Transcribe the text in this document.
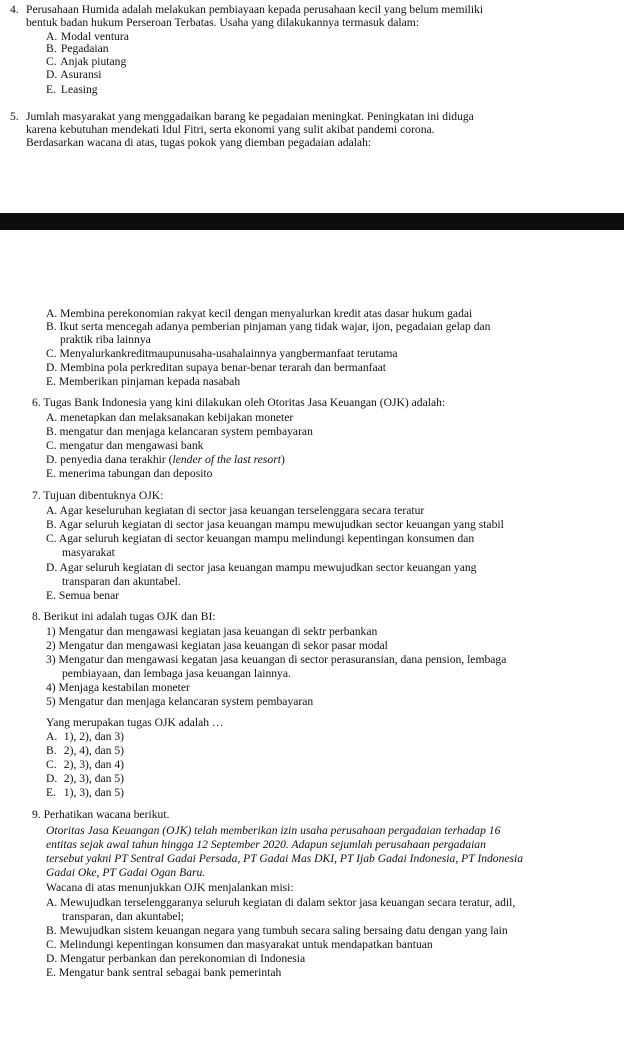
4. Perusahaan Humida adalah melakukan pembiayaan kepada perusahaan kecil yang belum memiliki
bentuk badan hukum Perseroan Terbatas. Usaha yang dilakukannya termasuk dalam:
A. Modal ventura
B. Pegadaian
C. Anjak piutang
D. Asuransi
E. Leasing
5. Jumlah masyarakat yang menggadaikan barang ke pegadaian meningkat. Peningkatan ini diduga
karena kebutuhan mendekati Idul Fitri, serta ekonomi yang sulit akibat pandemi corona.
Berdasarkan wacana di atas, tugas pokok yang diemban pegadaian adalah:
A. Membina perekonomian rakyat kecil dengan menyalurkan kredit atas dasar hukum gadai
B. Ikut serta mencegah adanya pemberian pinjaman yang tidak wajar, ijon, pegadaian gelap dan
praktik riba lainnya
C. Menyalurkankreditmaupunusaha-usahalainnya yangbermanfaat terutama
D. Membina pola perkreditan supaya benar-benar terarah dan bermanfaat
E. Memberikan pinjaman kepada nasabah
6. Tugas Bank Indonesia yang kini dilakukan oleh Otoritas Jasa Keuangan (OJK) adalah:
A. menetapkan dan melaksanakan kebijakan moneter
B. mengatur dan menjaga kelancaran system pembayaran
C. mengatur dan mengawasi bank
D. penyedia dana terakhir (lender of the last resort)
E. menerima tabungan dan deposito
7. Tujuan dibentuknya OJK:
A. Agar keseluruhan kegiatan di sector jasa keuangan terselenggara secara teratur
B. Agar seluruh kegiatan di sector jasa keuangan mampu mewujudkan sector keuangan yang stabil
C. Agar seluruh kegiatan di sector keuangan mampu melindungi kepentingan konsumen dan
masyarakat
D. Agar seluruh kegiatan di sector jasa keuangan mampu mewujudkan sector keuangan yang
transparan dan akuntabel.
E. Semua benar
8. Berikut ini adalah tugas OJK dan BI:
1) Mengatur dan mengawasi kegiatan jasa keuangan di sektr perbankan
2) Mengatur dan mengawasi kegiatan jasa keuangan di sekor pasar modal
3) Mengatur dan mengawasi kegatan jasa keuangan di sector perasuransian, dana pension, lembaga
pembiayaan, dan lembaga jasa keuangan lainnya.
4) Menjaga kestabilan moneter
5) Mengatur dan menjaga kelancaran system pembayaran
Yang merupakan tugas OJK adalah …
A. 1), 2), dan 3)
B. 2), 4), dan 5)
C. 2), 3), dan 4)
D. 2), 3), dan 5)
E. 1), 3), dan 5)
9. Perhatikan wacana berikut.
Otoritas Jasa Keuangan (OJK) telah memberikan izin usaha perusahaan pergadaian terhadap 16
entitas sejak awal tahun hingga 12 September 2020. Adapun sejumlah perusahaan pergadaian
tersebut yakni PT Sentral Gadai Persada, PT Gadai Mas DKI, PT Ijab Gadai Indonesia, PT Indonesia
Gadai Oke, PT Gadai Ogan Baru.
Wacana di atas menunjukkan OJK menjalankan misi:
A. Mewujudkan terselenggaranya seluruh kegiatan di dalam sektor jasa keuangan secara teratur, adil,
transparan, dan akuntabel;
B. Mewujudkan sistem keuangan negara yang tumbuh secara saling bersaing datu dengan yang lain
C. Melindungi kepentingan konsumen dan masyarakat untuk mendapatkan bantuan
D. Mengatur perbankan dan perekonomian di Indonesia
E. Mengatur bank sentral sebagai bank pemerintah
